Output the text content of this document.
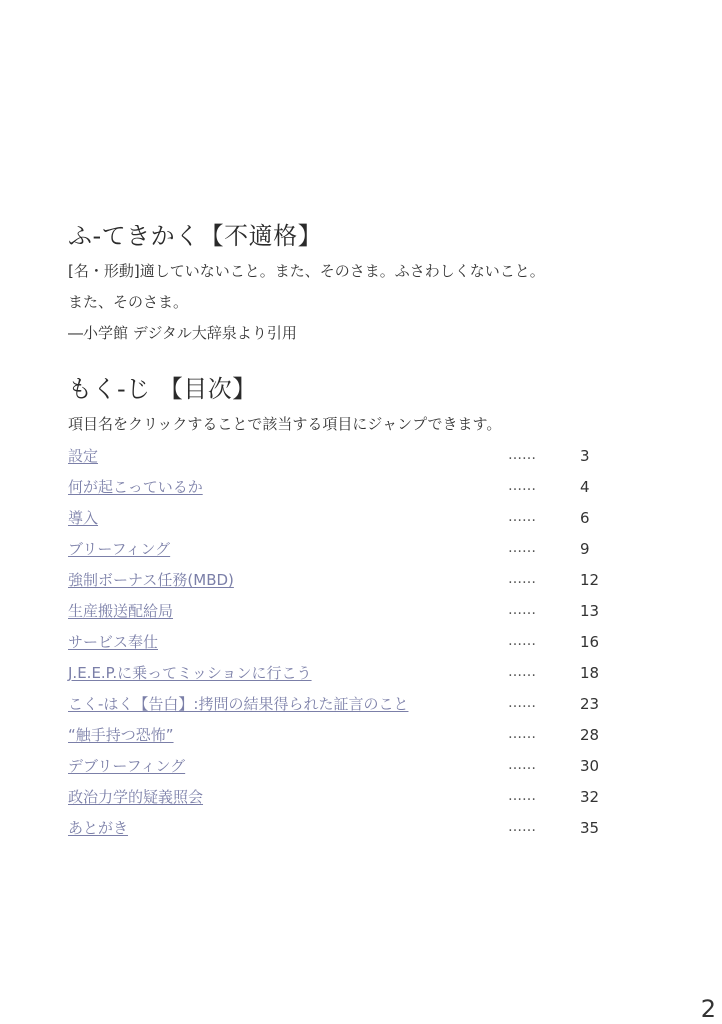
ふ-てきかく【不適格】

[名・形動]適していないこと。また、そのさま。ふさわしくないこと。

また、そのさま。

―小学館 デジタル大辞泉より引用

もく-じ 【目次】

項目名をクリックすることで該当する項目にジャンプできます。

設定	……	3
何が起こっているか	……	4
導入	……	6
ブリーフィング	……	9
強制ボーナス任務(MBD)	……	12
生産搬送配給局	……	13
サービス奉仕	……	16
J.E.E.P.に乗ってミッションに行こう	……	18
こく-はく【告白】:拷問の結果得られた証言のこと	……	23
“触手持つ恐怖”	……	28
デブリーフィング	……	30
政治力学的疑義照会	……	32
あとがき	……	35
2
